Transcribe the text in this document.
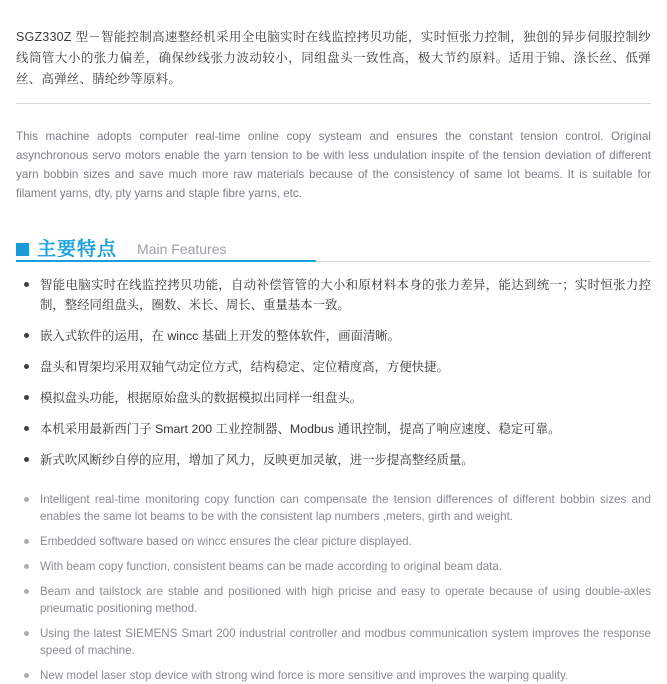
SGZ330Z 型－智能控制高速整经机采用全电脑实时在线监控拷贝功能，实时恒张力控制，独创的异步伺服控制纱线筒管大小的张力偏差，确保纱线张力波动较小，同组盘头一致性高，极大节约原料。适用于锦、涤长丝、低弹丝、高弹丝、腈纶纱等原料。

This machine adopts computer real-time online copy systeam and ensures the constant tension control. Original asynchronous servo motors enable the yarn tension to be with less undulation inspite of the tension deviation of different yarn bobbin sizes and save much more raw materials because of the consistency of same lot beams. It is suitable for filament yarns, dty, pty yarns and staple fibre yarns, etc.

主要特点 Main Features
智能电脑实时在线监控拷贝功能，自动补偿管管的大小和原材料本身的张力差异，能达到统一；实时恒张力控制，整经同组盘头，圈数、米长、周长、重量基本一致。
嵌入式软件的运用，在 wincc 基础上开发的整体软件，画面清晰。
盘头和胃架均采用双轴气动定位方式，结构稳定、定位精度高，方便快捷。
模拟盘头功能，根据原始盘头的数据模拟出同样一组盘头。
本机采用最新西门子 Smart 200 工业控制器、Modbus 通讯控制，提高了响应速度、稳定可靠。
新式吹风断纱自停的应用，增加了风力，反映更加灵敏，进一步提高整经质量。
Intelligent real-time monitoring copy function can compensate the tension differences of different bobbin sizes and enables the same lot beams to be with the consistent lap numbers ,meters, girth and weight.
Embedded software based on wincc ensures the clear picture displayed.
With beam copy function, consistent beams can be made according to original beam data.
Beam and tailstock are stable and positioned with high pricise and easy to operate because of using double-axles pneumatic positioning method.
Using the latest SIEMENS Smart 200 industrial controller and modbus communication system improves the response speed of machine.
New model laser stop device with strong wind force is more sensitive and improves the warping quality.
